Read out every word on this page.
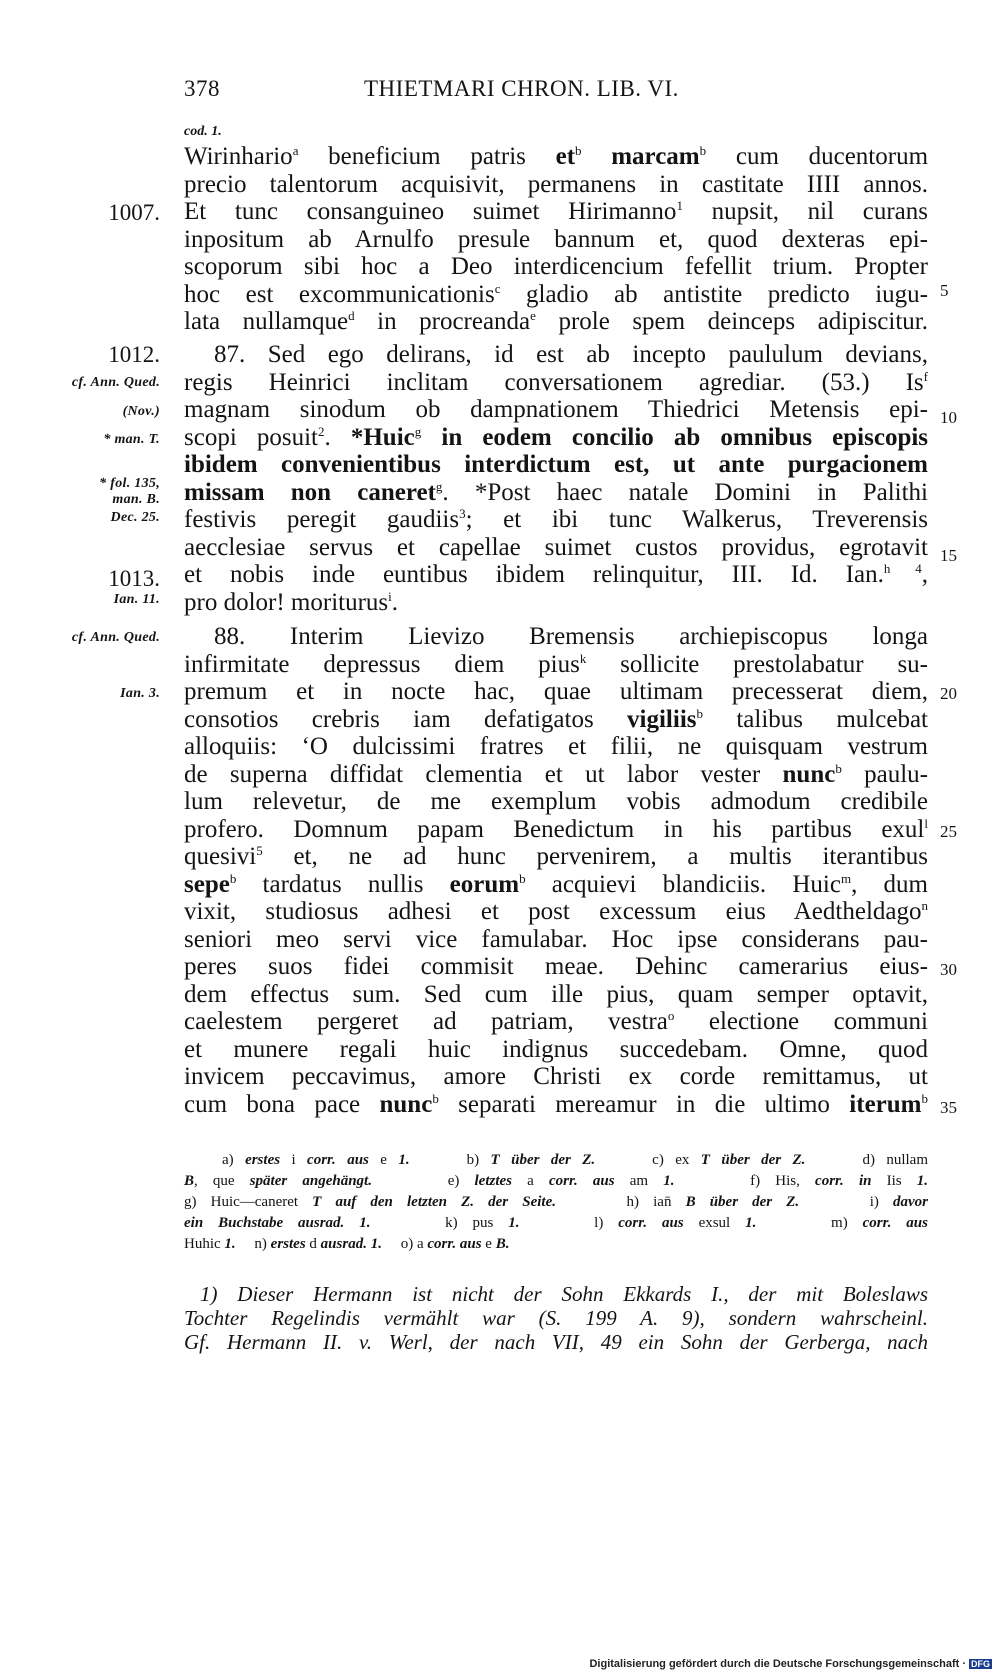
378	THIETMARI CHRON. LIB. VI.
cod. 1.
1007.
1012.
cf. Ann. Qued.
(Nov.)
* man. T.
* fol. 135,
man. B.
Dec. 25.
1013.
Ian. 11.
cf. Ann. Qued.
Ian. 3.
5
10
15
20
25
30
35
Wirinhario$^a$ beneficium patris $et^b$ marcam$^b$ cum ducentorum
precio talentorum acquisivit, permanens in castitate IIII annos.
Et tunc consanguineo suimet Hirimanno$^1$ nupsit, nil curans
inpositum ab Arnulfo presule bannum et, quod dexteras epi-
scoporum sibi hoc a Deo interdicencium fefellit trium. Propter
hoc est excommunicationis$^c$ gladio ab antistite predicto iugu-
lata nullamque$^d$ in procreanda$^e$ prole spem deinceps adipiscitur.
87. Sed ego delirans, id est ab incepto paululum devians,
regis Heinrici inclitam conversationem agrediar. (53.) Is$^f$
magnam sinodum ob dampnationem Thiedrici Metensis epi-
scopi posuit$^2$. *Huic$^g$ in eodem concilio ab omnibus episcopis
ibidem convenientibus interdictum est, ut ante purgacionem
missam non caneret$^g$. *Post haec natale Domini in Palithi
festivis peregit gaudiis$^3$; et ibi tunc Walkerus, Treverensis
aecclesiae servus et capellae suimet custos providus, egrotavit
et nobis inde euntibus ibidem relinquitur, III. Id. Ian.$^{h 4}$,
pro dolor! moriturus$^i$.
88. Interim Lievizo Bremensis archiepiscopus longa
infirmitate depressus diem pius$^k$ sollicite prestolabatur su-
premum et in nocte hac, quae ultimam precesserat diem,
consotios crebris iam defatigatos vigiliis$^b$ talibus mulcebat
alloquiis: ‘O dulcissimi fratres et filii, ne quisquam vestrum
de superna diffidat clementia et ut labor vester nunc$^b$ paulu-
lum relevetur, de me exemplum vobis admodum credibile
profero. Domnum papam Benedictum in his partibus exul$^l$
quesivi$^5$ et, ne ad hunc pervenirem, a multis iterantibus
sepe$^b$ tardatus nullis eorum$^b$ acquievi blandiciis. Huic$^m$, dum
vixit, studiosus adhesi et post excessum eius Aedtheldago$^n$
seniori meo servi vice famulabar. Hoc ipse considerans pau-
peres suos fidei commisit meae. Dehinc camerarius eius-
dem effectus sum. Sed cum ille pius, quam semper optavit,
caelestem pergeret ad patriam, vestra$^o$ electione communi
et munere regali huic indignus succedebam. Omne, quod
invicem peccavimus, amore Christi ex corde remittamus, ut
cum bona pace nunc$^b$ separati mereamur in die ultimo iterum$^b$
a) erstes i corr. aus e 1.     b) T über der Z.     c) ex T über der Z.     d) nullam
B, que später angehängt.     e) letztes a corr. aus am 1.     f) His, corr. in Iis 1.
g) Huic—caneret T auf den letzten Z. der Seite.     h) ian̄ B über der Z.     i) davor
ein Buchstabe ausrad. 1.     k) pus 1.     l) corr. aus exsul 1.     m) corr. aus
Huhic 1.     n) erstes d ausrad. 1.     o) a corr. aus e B.
1) Dieser Hermann ist nicht der Sohn Ekkards I., der mit Boleslaws
Tochter Regelindis vermählt war (S. 199 A. 9), sondern wahrscheinl.
Gf. Hermann II. v. Werl, der nach VII, 49 ein Sohn der Gerberga, nach
Digitalisierung gefördert durch die Deutsche Forschungsgemeinschaft · DFG
